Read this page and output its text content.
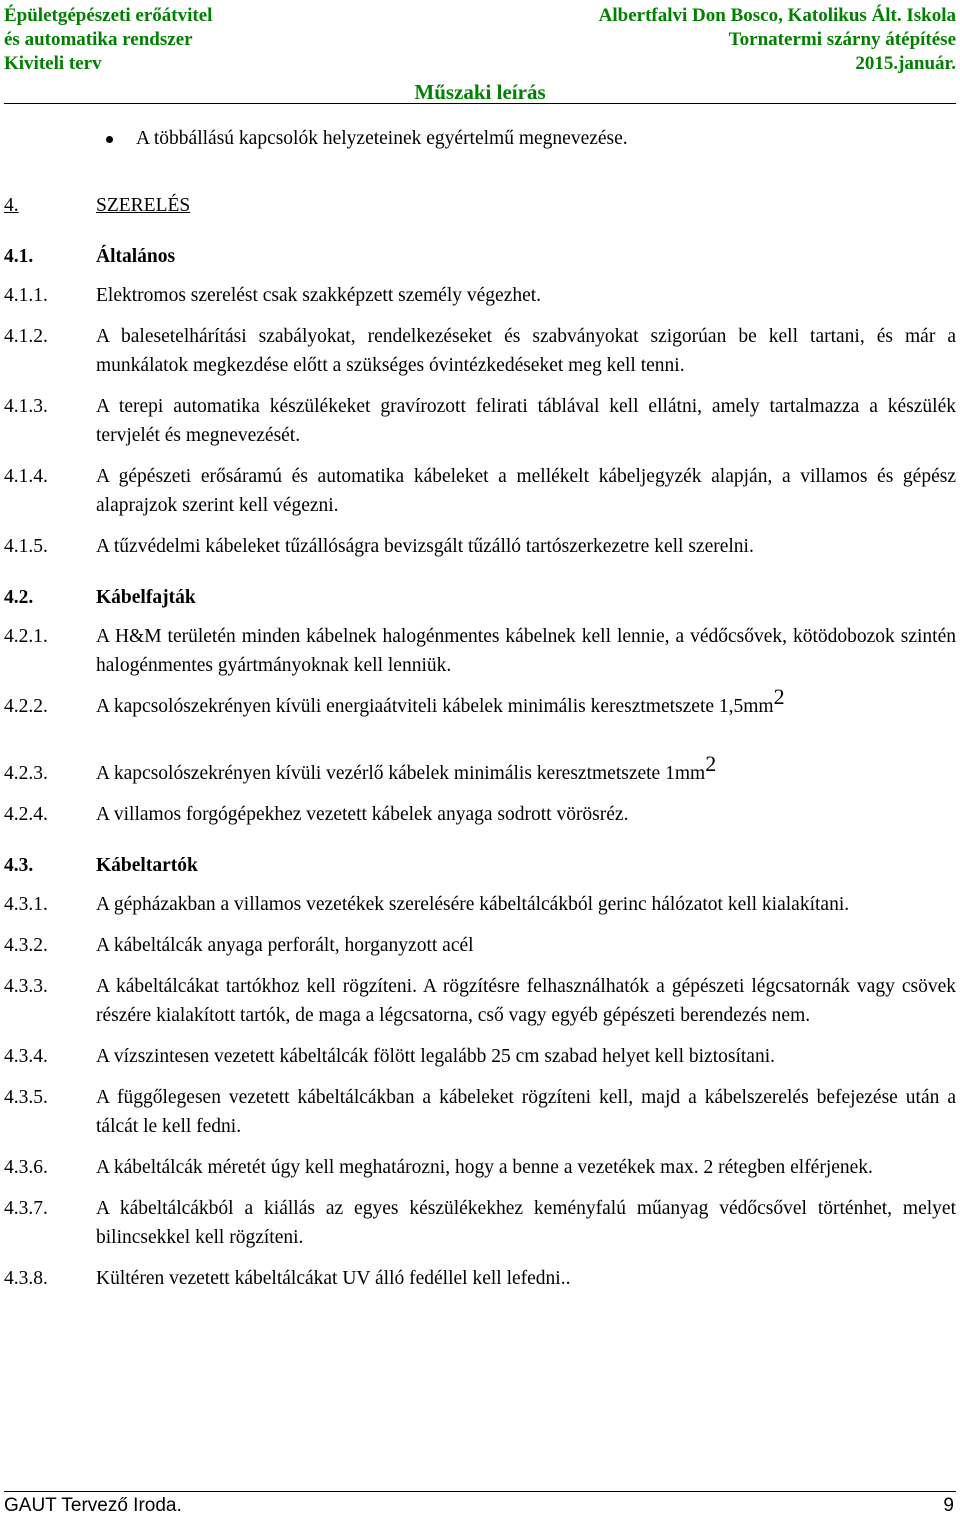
Épületgépészeti erőátvitel
és automatika rendszer
Kiviteli terv
Albertfalvi Don Bosco, Katolikus Ált. Iskola
Tornatermi szárny átépítése
2015.január.
Műszaki leírás
A többállású kapcsolók helyzeteinek egyértelmű megnevezése.
4.	SZERELÉS
4.1.	Általános
4.1.1.	Elektromos szerelést csak szakképzett személy végezhet.
4.1.2.	A balesetelhárítási szabályokat, rendelkezéseket és szabványokat szigorúan be kell tartani, és már a munkálatok megkezdése előtt a szükséges óvintézkedéseket meg kell tenni.
4.1.3.	A terepi automatika készülékeket gravírozott felirati táblával kell ellátni, amely tartalmazza a készülék tervjelét és megnevezését.
4.1.4.	A gépészeti erősáramú és automatika kábeleket a mellékelt kábeljegyzék alapján, a villamos és gépész alaprajzok szerint kell végezni.
4.1.5.	A tűzvédelmi kábeleket tűzállóságra bevizsgált tűzálló tartószerkezetre kell szerelni.
4.2.	Kábelfajták
4.2.1.	A H&M területén minden kábelnek halogénmentes kábelnek kell lennie, a védőcsővek, kötödobozok szintén halogénmentes gyártmányoknak kell lenniük.
4.2.2.	A kapcsolószekrényen kívüli energiaátviteli kábelek minimális keresztmetszete $1,5mm^2$
4.2.3.	A kapcsolószekrényen kívüli vezérlő kábelek minimális keresztmetszete $1mm^2$
4.2.4.	A villamos forgógépekhez vezetett kábelek anyaga sodrott vörösréz.
4.3.	Kábeltartók
4.3.1.	A gépházakban a villamos vezetékek szerelésére kábeltálcákból gerinc hálózatot kell kialakítani.
4.3.2.	A kábeltálcák anyaga perforált, horganyzott acél
4.3.3.	A kábeltálcákat tartókhoz kell rögzíteni. A rögzítésre felhasználhatók a gépészeti légcsatornák vagy csövek részére kialakított tartók, de maga a légcsatorna, cső vagy egyéb gépészeti berendezés nem.
4.3.4.	A vízszintesen vezetett kábeltálcák fölött legalább 25 cm szabad helyet kell biztosítani.
4.3.5.	A függőlegesen vezetett kábeltálcákban a kábeleket rögzíteni kell, majd a kábelszerelés befejezése után a tálcát le kell fedni.
4.3.6.	A kábeltálcák méretét úgy kell meghatározni, hogy a benne a vezetékek max. 2 rétegben elférjenek.
4.3.7.	A kábeltálcákból a kiállás az egyes készülékekhez keményfalú műanyag védőcsővel történhet, melyet bilincsekkel kell rögzíteni.
4.3.8.	Kültéren vezetett kábeltálcákat UV álló fedéllel kell lefedni..
GAUT Tervező Iroda.	9
